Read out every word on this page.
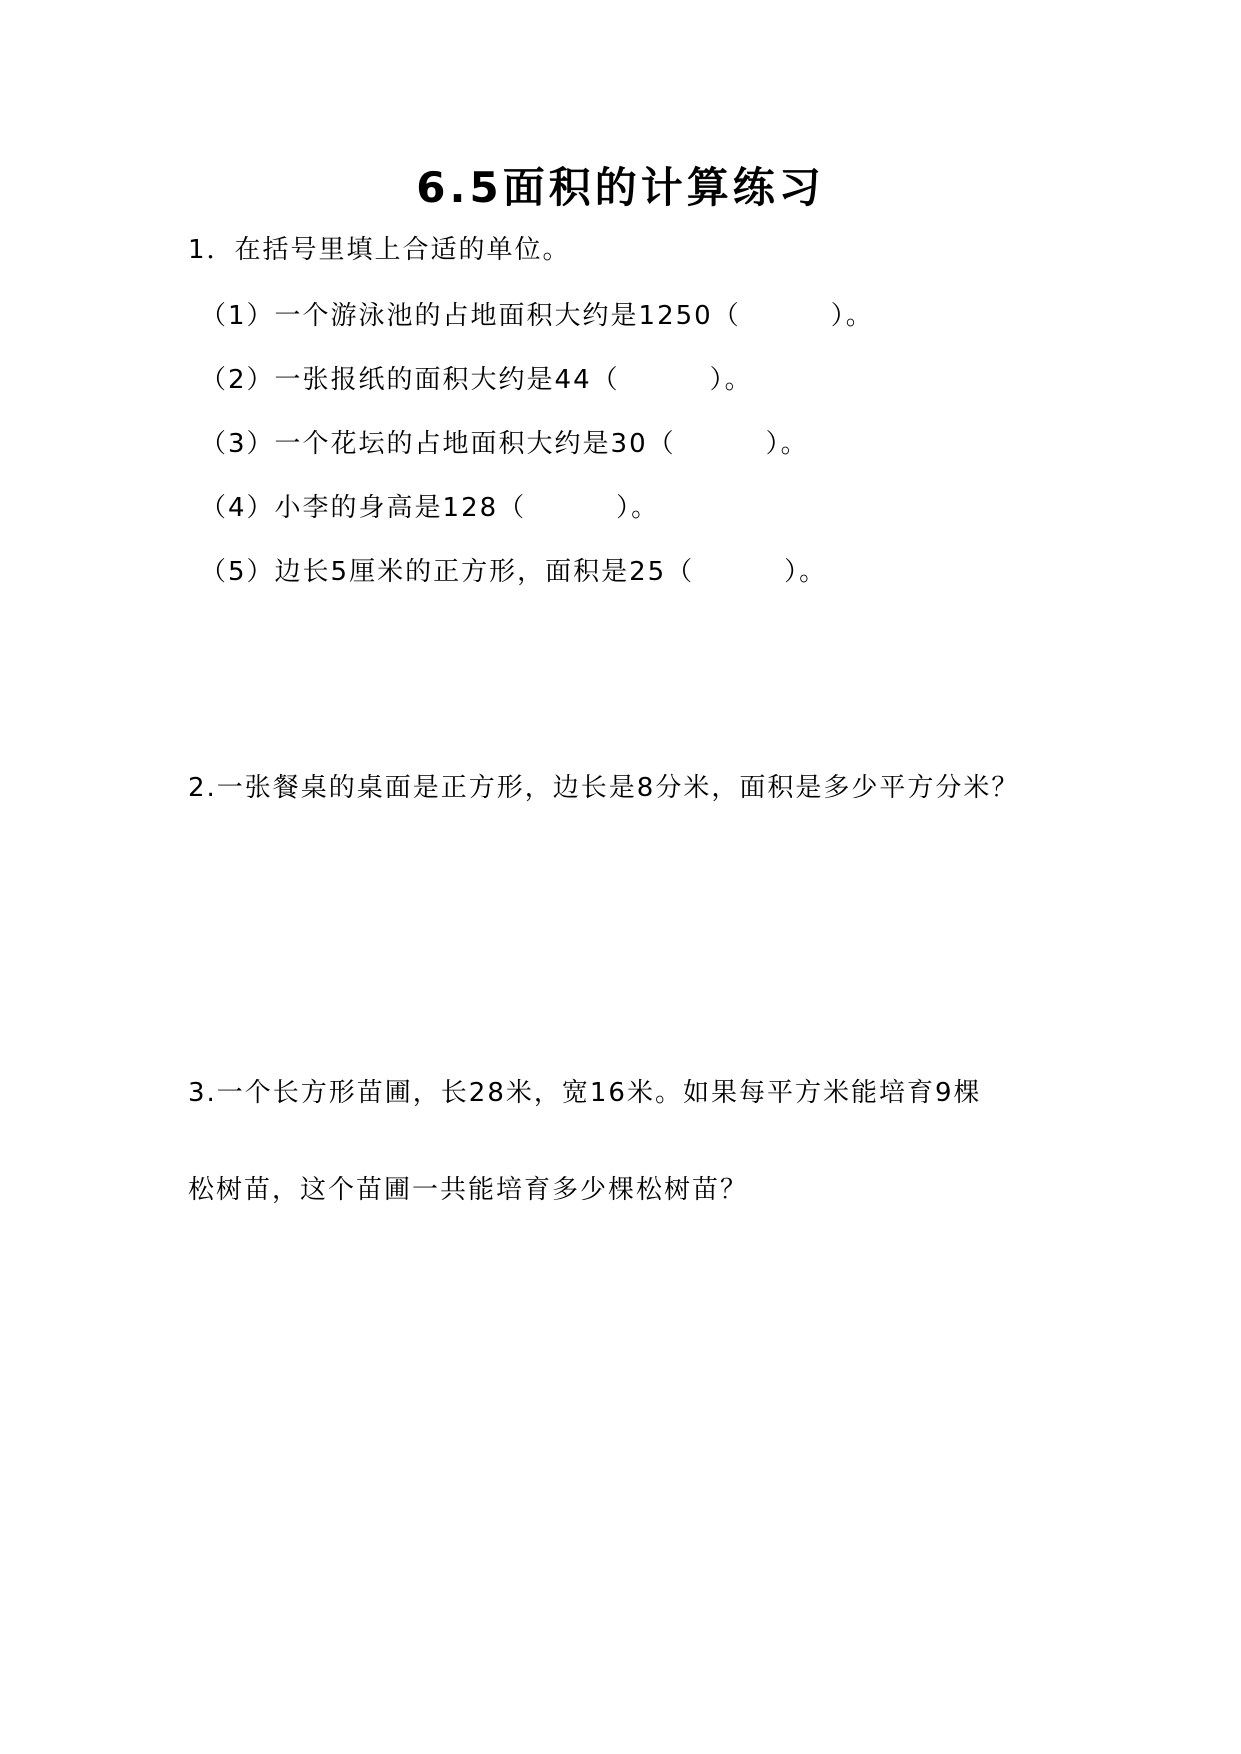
6.5面积的计算练习
1．在括号里填上合适的单位。
（1）一个游泳池的占地面积大约是1250（	）。
（2）一张报纸的面积大约是44（	）。
（3）一个花坛的占地面积大约是30（	）。
（4）小李的身高是128（	）。
（5）边长5厘米的正方形，面积是25（	）。
2.一张餐桌的桌面是正方形，边长是8分米，面积是多少平方分米？
3.一个长方形苗圃，长28米，宽16米。如果每平方米能培育9棵
松树苗，这个苗圃一共能培育多少棵松树苗？
